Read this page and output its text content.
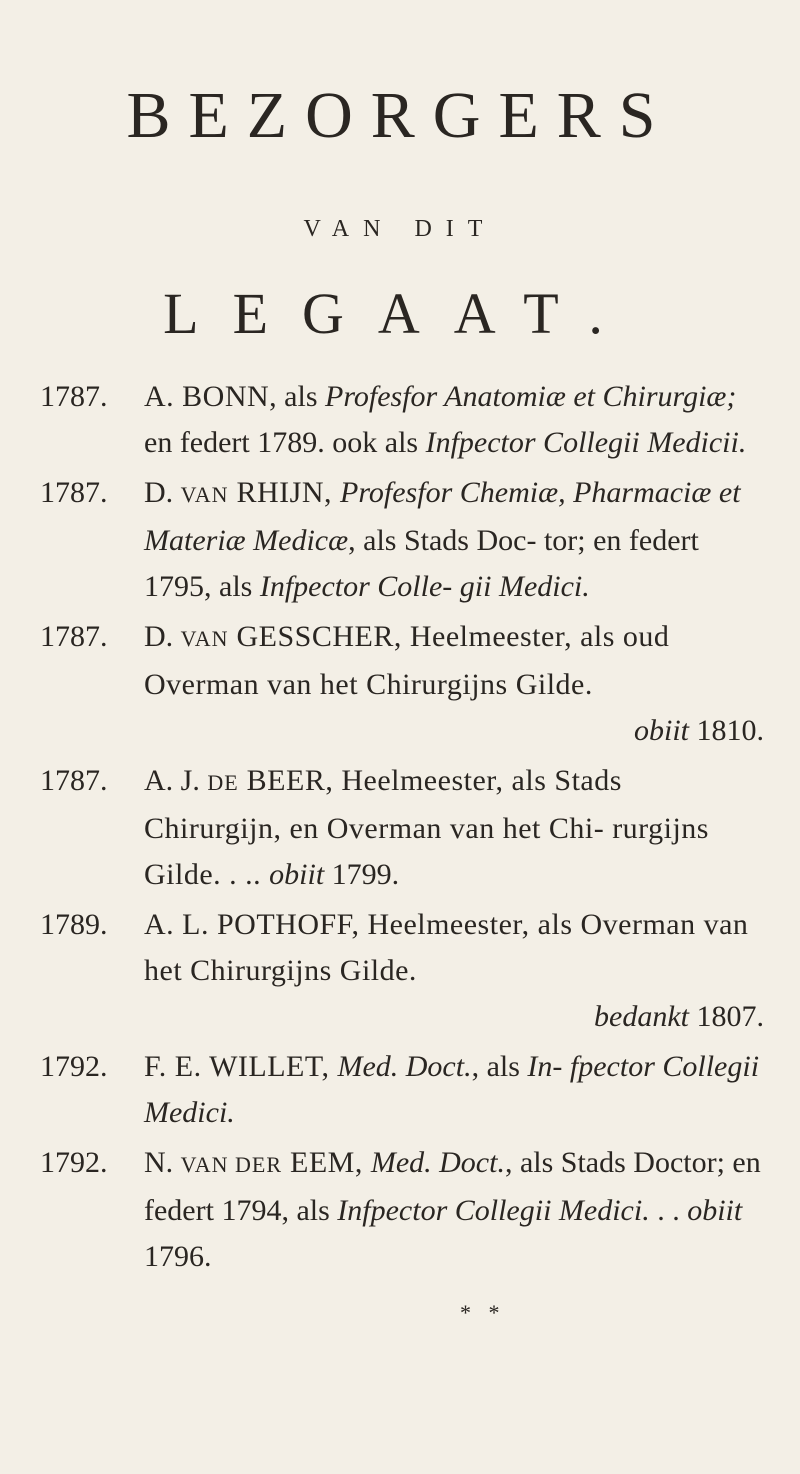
BEZORGERS
VAN DIT
LEGAAT.
1787. A. BONN, als Profesfor Anatomiæ et Chirurgiæ; en federt 1789. ook als Infpector Collegii Medicii.
1787. D. VAN RHIJN, Profesfor Chemiæ, Pharmaciæ et Materiæ Medicæ, als Stads Doc- tor; en federt 1795, als Infpector Colle- gii Medici.
1787. D. VAN GESSCHER, Heelmeester, als oud Overman van het Chirurgijns Gilde.
obiit 1810.
1787. A. J. DE BEER, Heelmeester, als Stads Chirurgijn, en Overman van het Chi- rurgijns Gilde. . .. obiit 1799.
1789. A. L. POTHOFF, Heelmeester, als Overman van het Chirurgijns Gilde.
bedankt 1807.
1792. F. E. WILLET, Med. Doct., als In- fpector Collegii Medici.
1792. N. VAN DER EEM, Med. Doct., als Stads Doctor; en federt 1794, als Infpector Collegii Medici. . . obiit 1796.
* *
